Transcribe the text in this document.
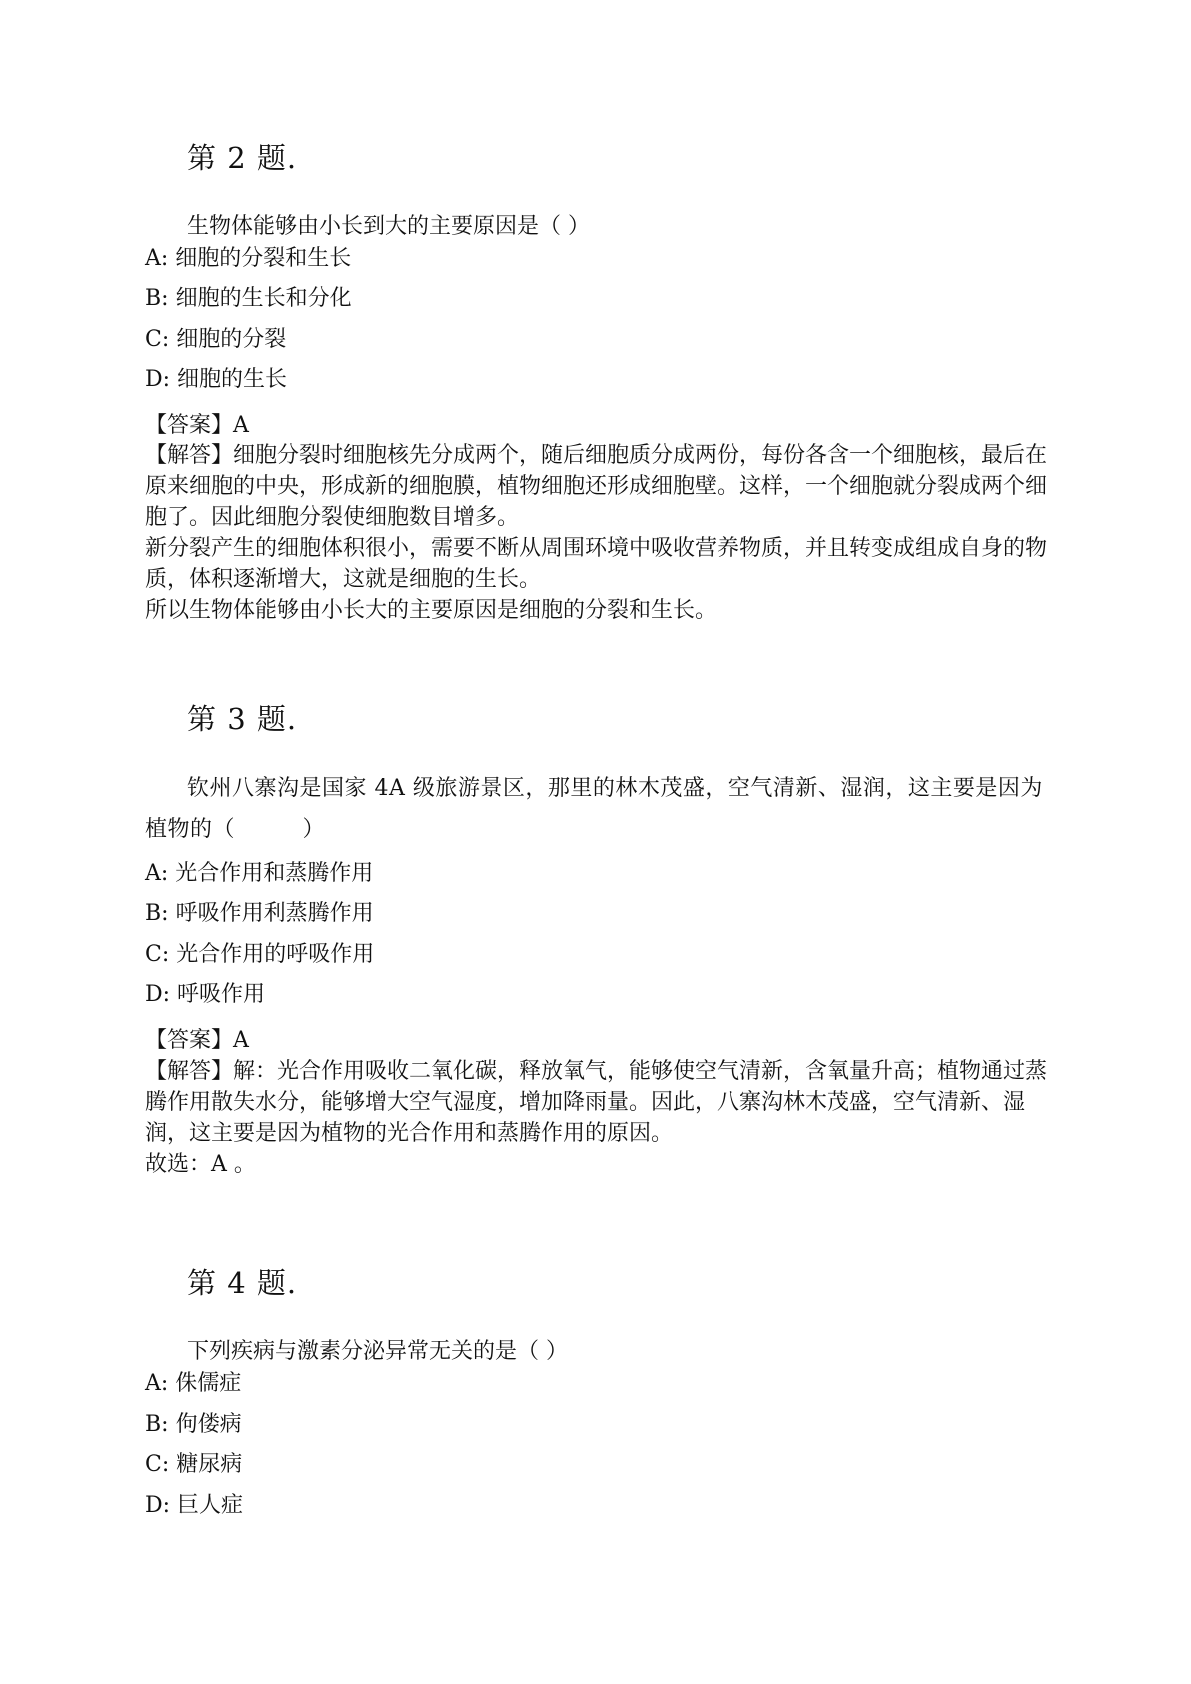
第 2 题.
生物体能够由小长到大的主要原因是（ ）
A: 细胞的分裂和生长
B: 细胞的生长和分化
C: 细胞的分裂
D: 细胞的生长
【答案】A

【解答】细胞分裂时细胞核先分成两个，随后细胞质分成两份，每份各含一个细胞核，最后在原来细胞的中央，形成新的细胞膜，植物细胞还形成细胞壁。这样，一个细胞就分裂成两个细胞了。因此细胞分裂使细胞数目增多。

新分裂产生的细胞体积很小，需要不断从周围环境中吸收营养物质，并且转变成组成自身的物质，体积逐渐增大，这就是细胞的生长。

所以生物体能够由小长大的主要原因是细胞的分裂和生长。

第 3 题.
钦州八寨沟是国家 4A 级旅游景区，那里的林木茂盛，空气清新、湿润，这主要是因为植物的（　　　）
A: 光合作用和蒸腾作用
B: 呼吸作用利蒸腾作用
C: 光合作用的呼吸作用
D: 呼吸作用
【答案】A

【解答】解：光合作用吸收二氧化碳，释放氧气，能够使空气清新，含氧量升高；植物通过蒸腾作用散失水分，能够增大空气湿度，增加降雨量。因此，八寨沟林木茂盛，空气清新、湿润，这主要是因为植物的光合作用和蒸腾作用的原因。

故选：A 。

第 4 题.
下列疾病与激素分泌异常无关的是（ ）
A: 侏儒症
B: 佝偻病
C: 糖尿病
D: 巨人症
